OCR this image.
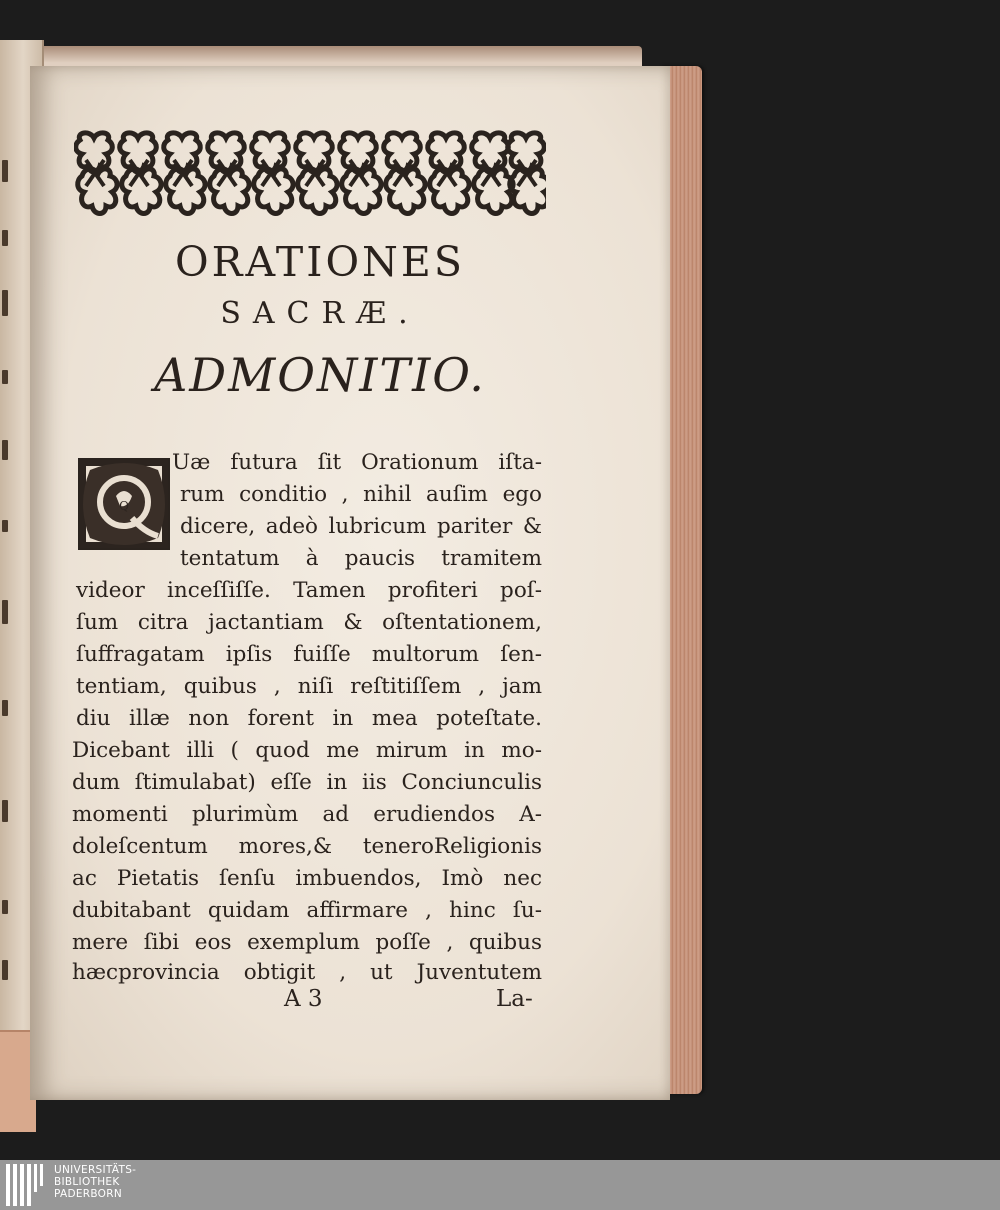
ORATIONES
SACRÆ.
ADMONITIO.
Q
Uæ futura ſit Orationum iſta-
rum conditio , nihil auſim ego
dicere, adeò lubricum pariter &
tentatum à paucis tramitem
videor inceſſiſſe. Tamen profiteri poſ-
ſum citra jactantiam & oſtentationem,
ſuffragatam ipſis fuiſſe multorum ſen-
tentiam, quibus , niſi reſtitiſſem , jam
diu illæ non forent in mea poteſtate.
Dicebant illi ( quod me mirum in mo-
dum ſtimulabat) eſſe in iis Conciunculis
momenti plurimùm ad erudiendos A-
doleſcentum mores,& teneroReligionis
ac Pietatis ſenſu imbuendos, Imò nec
dubitabant quidam affirmare , hinc ſu-
mere ſibi eos exemplum poſſe , quibus
hæcprovincia obtigit , ut Juventutem
A 3	La-
UNIVERSITÄTS-
BIBLIOTHEK
PADERBORN
